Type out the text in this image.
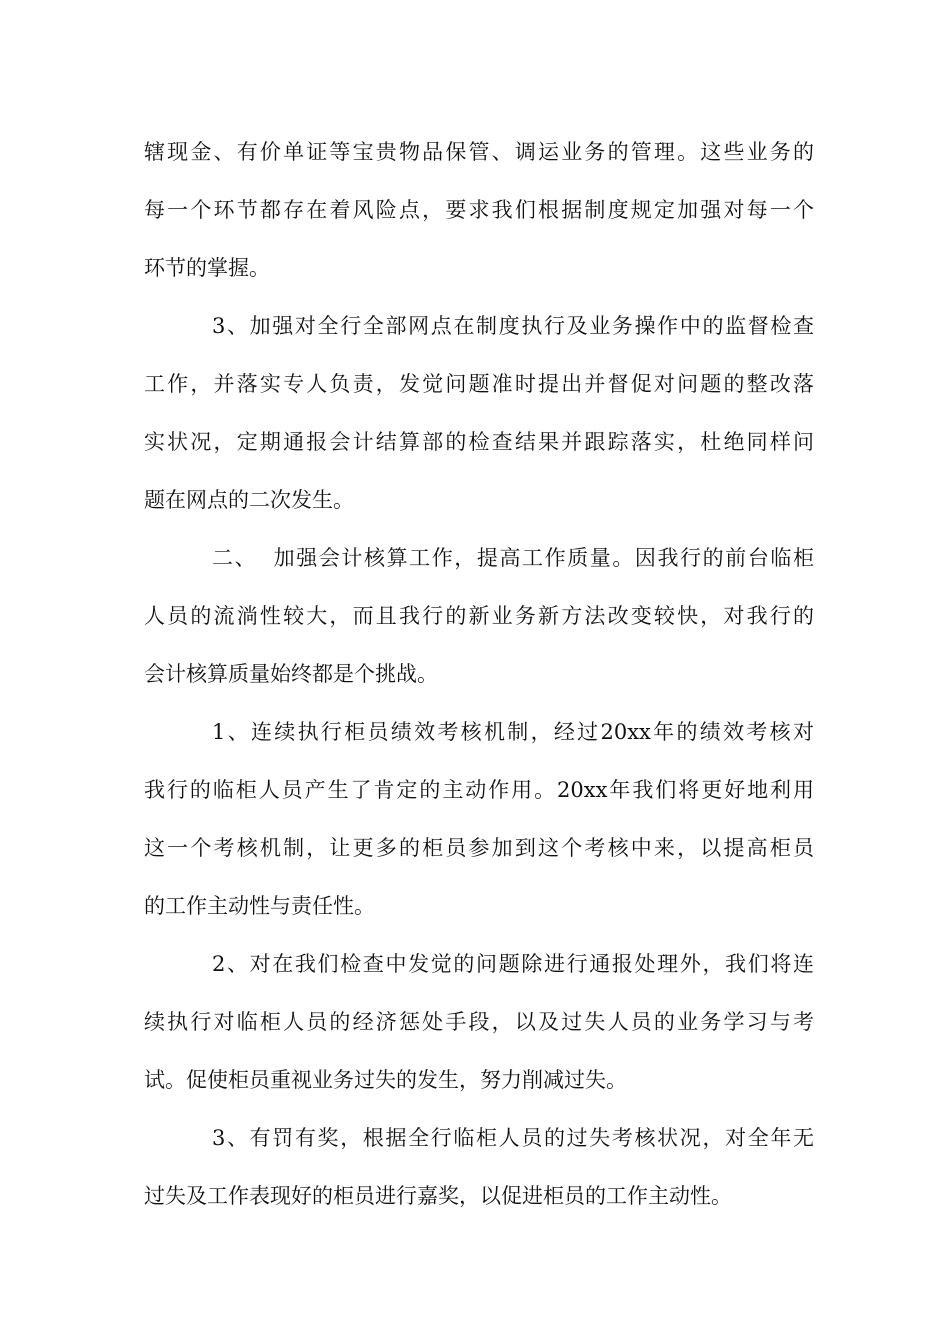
辖现金、有价单证等宝贵物品保管、调运业务的管理。这些业务的
每一个环节都存在着风险点，要求我们根据制度规定加强对每一个
环节的掌握。
3、加强对全行全部网点在制度执行及业务操作中的监督检查
工作，并落实专人负责，发觉问题准时提出并督促对问题的整改落
实状况，定期通报会计结算部的检查结果并跟踪落实，杜绝同样问
题在网点的二次发生。
二、  加强会计核算工作，提高工作质量。因我行的前台临柜
人员的流淌性较大，而且我行的新业务新方法改变较快，对我行的
会计核算质量始终都是个挑战。
1、连续执行柜员绩效考核机制，经过20xx年的绩效考核对
我行的临柜人员产生了肯定的主动作用。20xx年我们将更好地利用
这一个考核机制，让更多的柜员参加到这个考核中来，以提高柜员
的工作主动性与责任性。
2、对在我们检查中发觉的问题除进行通报处理外，我们将连
续执行对临柜人员的经济惩处手段，以及过失人员的业务学习与考
试。促使柜员重视业务过失的发生，努力削减过失。
3、有罚有奖，根据全行临柜人员的过失考核状况，对全年无
过失及工作表现好的柜员进行嘉奖，以促进柜员的工作主动性。
